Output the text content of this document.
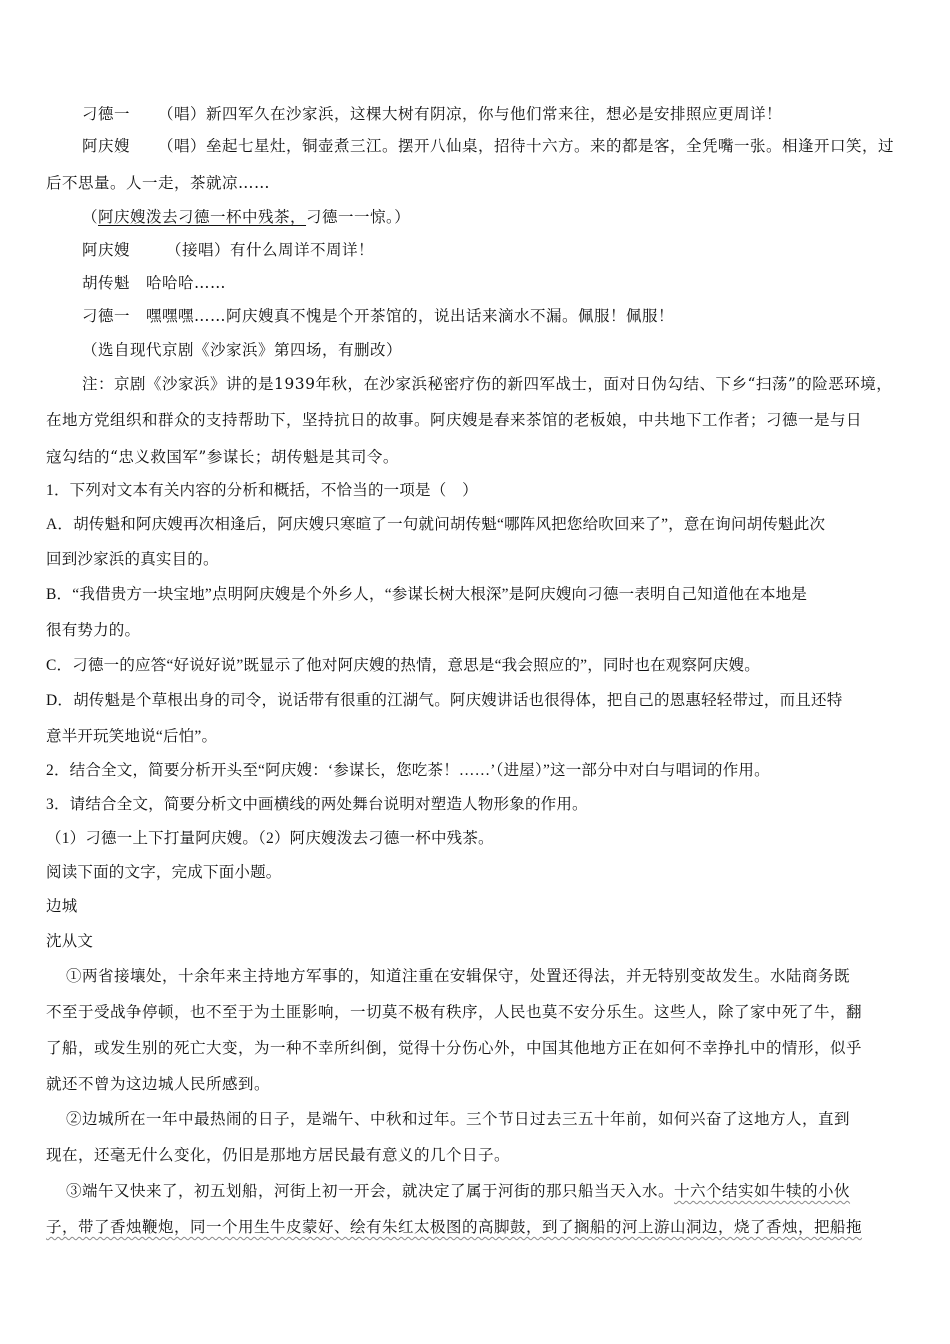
刁德一 （唱）新四军久在沙家浜，这棵大树有阴凉，你与他们常来往，想必是安排照应更周详！
阿庆嫂 （唱）垒起七星灶，铜壶煮三江。摆开八仙桌，招待十六方。来的都是客，全凭嘴一张。相逢开口笑，过
后不思量。人一走，茶就凉……
（阿庆嫂泼去刁德一杯中残茶，刁德一一惊。）
阿庆嫂 （接唱）有什么周详不周详！
胡传魁 哈哈哈……
刁德一 嘿嘿嘿……阿庆嫂真不愧是个开茶馆的，说出话来滴水不漏。佩服！佩服！
（选自现代京剧《沙家浜》第四场，有删改）
注：京剧《沙家浜》讲的是1939年秋，在沙家浜秘密疗伤的新四军战士，面对日伪勾结、下乡“扫荡”的险恶环境，
在地方党组织和群众的支持帮助下，坚持抗日的故事。阿庆嫂是春来茶馆的老板娘，中共地下工作者；刁德一是与日
寇勾结的“忠义救国军”参谋长；胡传魁是其司令。
1．下列对文本有关内容的分析和概括，不恰当的一项是（　）
A．胡传魁和阿庆嫂再次相逢后，阿庆嫂只寒暄了一句就问胡传魁“哪阵风把您给吹回来了”，意在询问胡传魁此次
回到沙家浜的真实目的。
B．“我借贵方一块宝地”点明阿庆嫂是个外乡人，“参谋长树大根深”是阿庆嫂向刁德一表明自己知道他在本地是
很有势力的。
C．刁德一的应答“好说好说”既显示了他对阿庆嫂的热情，意思是“我会照应的”，同时也在观察阿庆嫂。
D．胡传魁是个草根出身的司令，说话带有很重的江湖气。阿庆嫂讲话也很得体，把自己的恩惠轻轻带过，而且还特
意半开玩笑地说“后怕”。
2．结合全文，简要分析开头至“阿庆嫂：‘参谋长，您吃茶！……’（进屋）”这一部分中对白与唱词的作用。
3．请结合全文，简要分析文中画横线的两处舞台说明对塑造人物形象的作用。
（1）刁德一上下打量阿庆嫂。（2）阿庆嫂泼去刁德一杯中残茶。
阅读下面的文字，完成下面小题。
边城
沈从文
①两省接壤处，十余年来主持地方军事的，知道注重在安辑保守，处置还得法，并无特别变故发生。水陆商务既
不至于受战争停顿，也不至于为土匪影响，一切莫不极有秩序，人民也莫不安分乐生。这些人，除了家中死了牛，翻
了船，或发生别的死亡大变，为一种不幸所纠倒，觉得十分伤心外，中国其他地方正在如何不幸挣扎中的情形，似乎
就还不曾为这边城人民所感到。
②边城所在一年中最热闹的日子，是端午、中秋和过年。三个节日过去三五十年前，如何兴奋了这地方人，直到
现在，还毫无什么变化，仍旧是那地方居民最有意义的几个日子。
③端午又快来了，初五划船，河街上初一开会，就决定了属于河街的那只船当天入水。十六个结实如牛犊的小伙
子，带了香烛鞭炮，同一个用生牛皮蒙好、绘有朱红太极图的高脚鼓，到了搁船的河上游山洞边，烧了香烛，把船拖
